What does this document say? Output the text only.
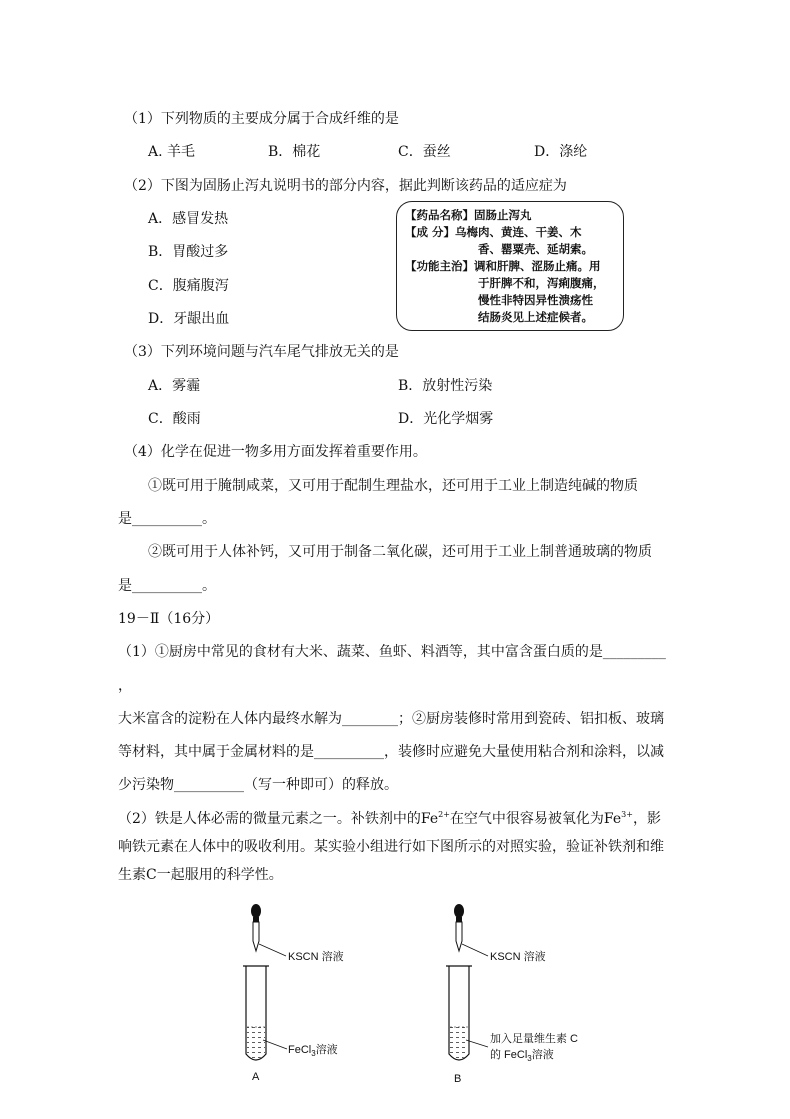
（1）下列物质的主要成分属于合成纤维的是
A. 羊毛	B．棉花	C．蚕丝	D．涤纶
（2）下图为固肠止泻丸说明书的部分内容，据此判断该药品的适应症为
A．感冒发热
B．胃酸过多
C．腹痛腹泻
D．牙龈出血
【药品名称】固肠止泻丸
【成 分】乌梅肉、黄连、干姜、木
香、罂粟壳、延胡索。
【功能主治】调和肝脾、涩肠止痛。用
于肝脾不和，泻痢腹痛，
慢性非特因异性溃疡性
结肠炎见上述症候者。
（3）下列环境问题与汽车尾气排放无关的是
A．雾霾	B．放射性污染
C．酸雨	D．光化学烟雾
（4）化学在促进一物多用方面发挥着重要作用。
①既可用于腌制咸菜，又可用于配制生理盐水，还可用于工业上制造纯碱的物质
是__________。
②既可用于人体补钙，又可用于制备二氧化碳，还可用于工业上制普通玻璃的物质
是__________。
19－Ⅱ（16分）
（1）①厨房中常见的食材有大米、蔬菜、鱼虾、料酒等，其中富含蛋白质的是_________
，
大米富含的淀粉在人体内最终水解为________；②厨房装修时常用到瓷砖、铝扣板、玻璃
等材料，其中属于金属材料的是__________，装修时应避免大量使用粘合剂和涂料，以减
少污染物__________（写一种即可）的释放。
（2）铁是人体必需的微量元素之一。补铁剂中的$Fe^{2+}$在空气中很容易被氧化为$Fe^{3+}$，影
响铁元素在人体中的吸收利用。某实验小组进行如下图所示的对照实验，验证补铁剂和维
生素C一起服用的科学性。
KSCN 溶液
FeCl$_3$溶液
A
KSCN 溶液
加入足量维生素 C
的 FeCl$_3$溶液
B
